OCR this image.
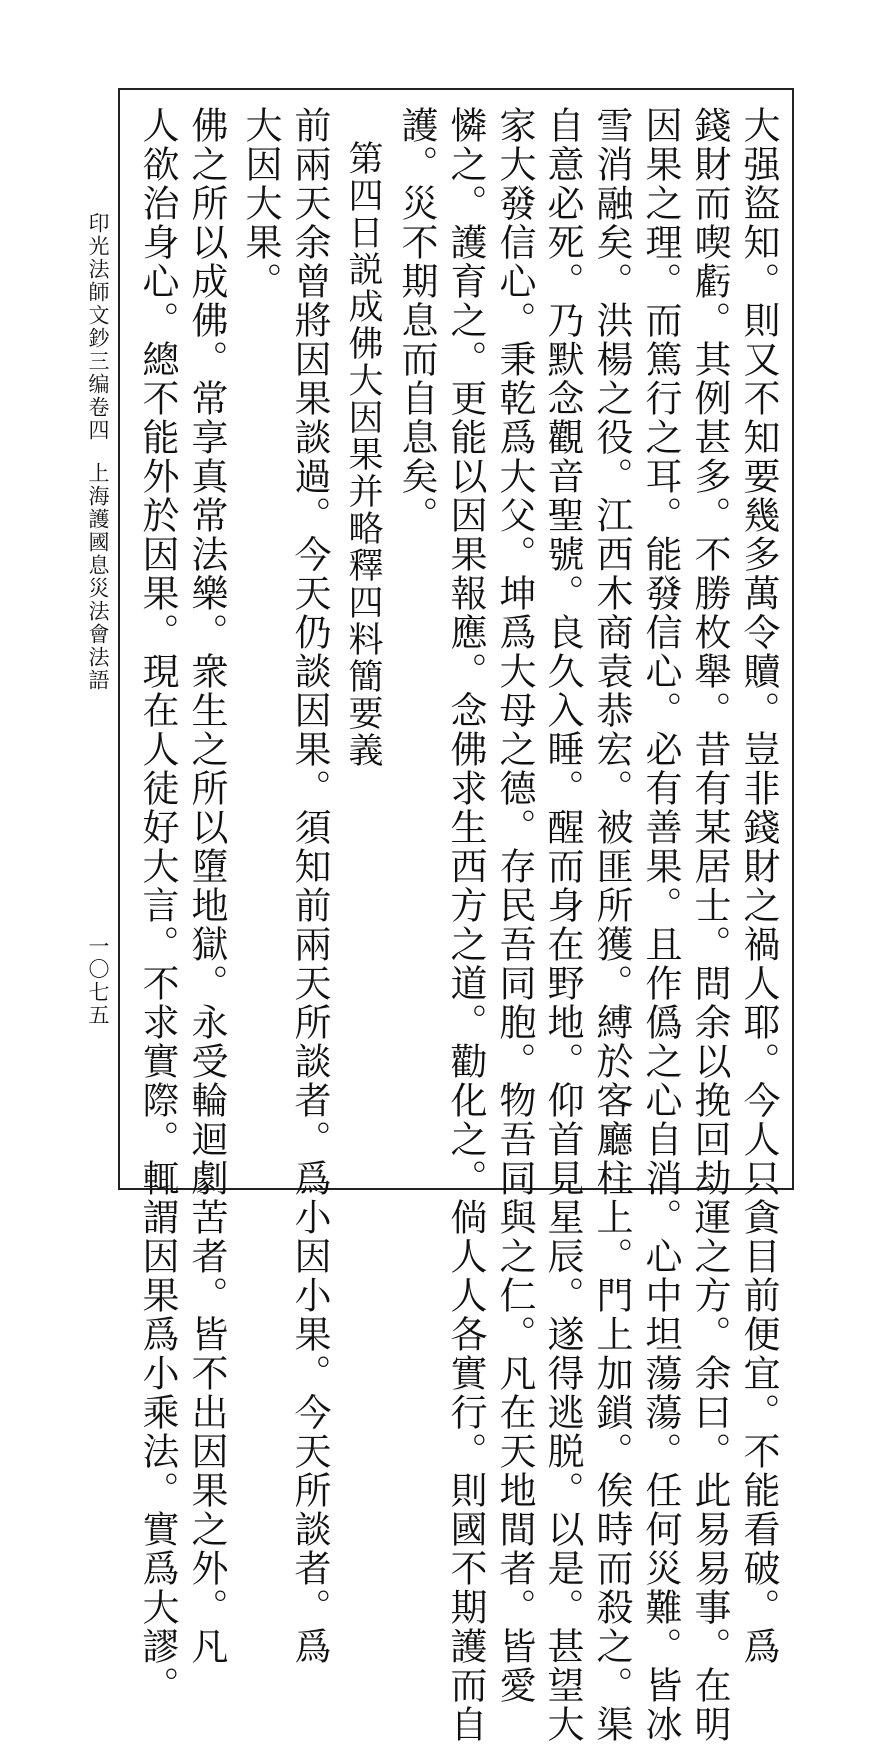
大强盜知。則又不知要幾多萬令贖。豈非錢財之禍人耶。今人只貪目前便宜。不能看破。爲
錢財而喫虧。其例甚多。不勝枚舉。昔有某居士。問余以挽回劫運之方。余曰。此易易事。在明
因果之理。而篤行之耳。能發信心。必有善果。且作僞之心自消。心中坦蕩蕩。任何災難。皆冰
雪消融矣。洪楊之役。江西木商袁恭宏。被匪所獲。縛於客廳柱上。門上加鎖。俟時而殺之。渠
自意必死。乃默念觀音聖號。良久入睡。醒而身在野地。仰首見星辰。遂得逃脱。以是。甚望大
家大發信心。秉乾爲大父。坤爲大母之德。存民吾同胞。物吾同與之仁。凡在天地間者。皆愛
憐之。護育之。更能以因果報應。念佛求生西方之道。勸化之。倘人人各實行。則國不期護而自
護。災不期息而自息矣。
第四日説成佛大因果并略釋四料簡要義
前兩天余曾將因果談過。今天仍談因果。須知前兩天所談者。爲小因小果。今天所談者。爲
大因大果。
佛之所以成佛。常享真常法樂。衆生之所以墮地獄。永受輪迴劇苦者。皆不出因果之外。凡
人欲治身心。總不能外於因果。現在人徒好大言。不求實際。輒謂因果爲小乘法。實爲大謬。
印光法師文鈔三编卷四
上海護國息災法會法語
一〇七五
